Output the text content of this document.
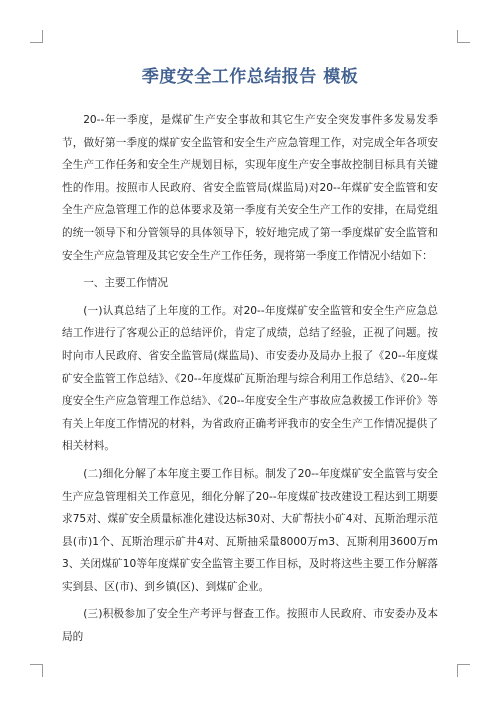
季度安全工作总结报告 模板

20--年一季度，是煤矿生产安全事故和其它生产安全突发事件多发易发季节，做好第一季度的煤矿安全监管和安全生产应急管理工作，对完成全年各项安全生产工作任务和安全生产规划目标，实现年度生产安全事故控制目标具有关键性的作用。按照市人民政府、省安全监管局(煤监局)对20--年煤矿安全监管和安全生产应急管理工作的总体要求及第一季度有关安全生产工作的安排，在局党组的统一领导下和分管领导的具体领导下，较好地完成了第一季度煤矿安全监管和安全生产应急管理及其它安全生产工作任务，现将第一季度工作情况小结如下：

一、主要工作情况

(一)认真总结了上年度的工作。对20--年度煤矿安全监管和安全生产应急总结工作进行了客观公正的总结评价，肯定了成绩，总结了经验，正视了问题。按时向市人民政府、省安全监管局(煤监局)、市安委办及局办上报了《20--年度煤矿安全监管工作总结》、《20--年度煤矿瓦斯治理与综合利用工作总结》、《20--年度安全生产应急管理工作总结》、《20--年度安全生产事故应急救援工作评价》等有关上年度工作情况的材料，为省政府正确考评我市的安全生产工作情况提供了相关材料。

(二)细化分解了本年度主要工作目标。制发了20--年度煤矿安全监管与安全生产应急管理相关工作意见，细化分解了20--年度煤矿技改建设工程达到工期要求75对、煤矿安全质量标准化建设达标30对、大矿帮扶小矿4对、瓦斯治理示范县(市)1个、瓦斯治理示矿井4对、瓦斯抽采量8000万m3、瓦斯利用3600万m3、关闭煤矿10等年度煤矿安全监管主要工作目标，及时将这些主要工作分解落实到县、区(市)、到乡镇(区)、到煤矿企业。

(三)积极参加了安全生产考评与督查工作。按照市人民政府、市安委办及本局的
